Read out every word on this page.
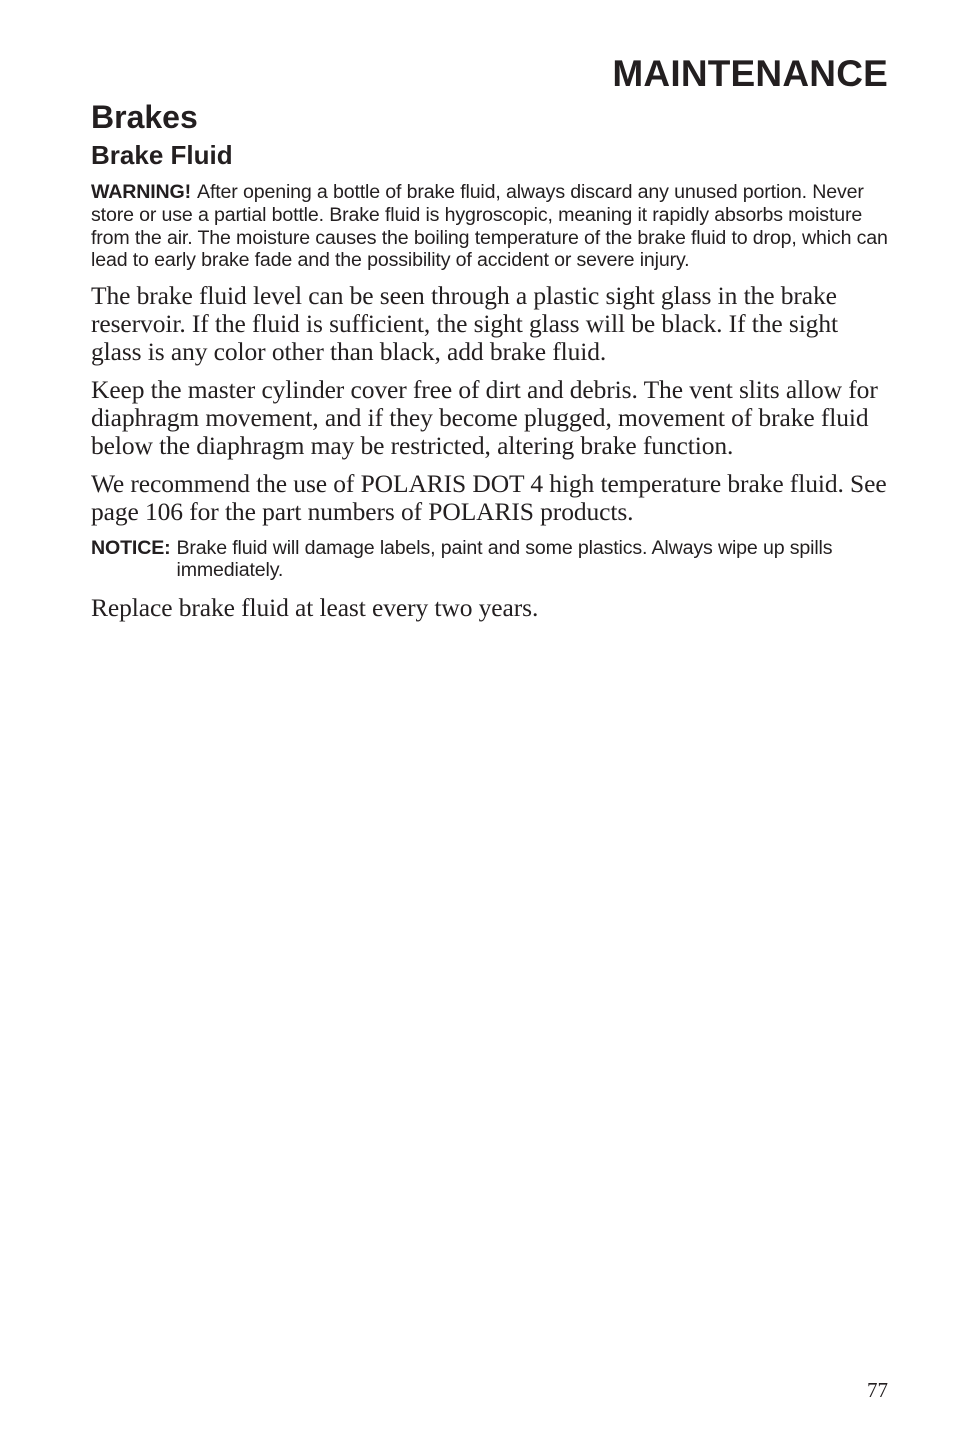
MAINTENANCE
Brakes
Brake Fluid

WARNING! After opening a bottle of brake fluid, always discard any unused portion. Never store or use a partial bottle. Brake fluid is hygroscopic, meaning it rapidly absorbs moisture from the air. The moisture causes the boiling temperature of the brake fluid to drop, which can lead to early brake fade and the possibility of accident or severe injury.

The brake fluid level can be seen through a plastic sight glass in the brake reservoir. If the fluid is sufficient, the sight glass will be black. If the sight glass is any color other than black, add brake fluid.

Keep the master cylinder cover free of dirt and debris. The vent slits allow for diaphragm movement, and if they become plugged, movement of brake fluid below the diaphragm may be restricted, altering brake function.

We recommend the use of POLARIS DOT 4 high temperature brake fluid. See page 106 for the part numbers of POLARIS products.

NOTICE: Brake fluid will damage labels, paint and some plastics. Always wipe up spills immediately.

Replace brake fluid at least every two years.

77
